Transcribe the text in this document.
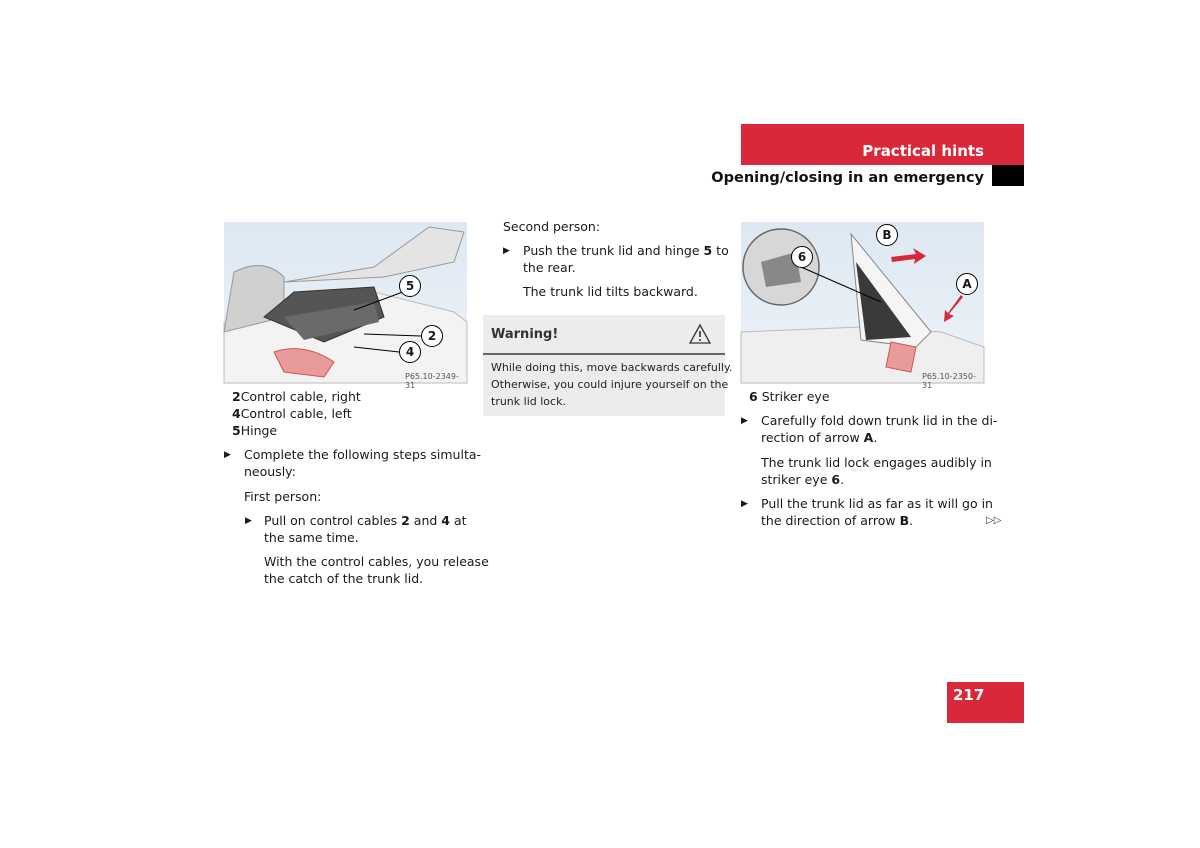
Practical hints
Opening/closing in an emergency
5
2
4
P65.10-2349-31
2Control cable, right
4Control cable, left
5Hinge
▶ Complete the following steps simulta-
neously:
First person:
▶ Pull on control cables 2 and 4 at
the same time.
With the control cables, you release
the catch of the trunk lid.
Second person:
▶ Push the trunk lid and hinge 5 to
the rear.
The trunk lid tilts backward.
Warning!
While doing this, move backwards carefully.
Otherwise, you could injure yourself on the
trunk lid lock.
B
6
A
P65.10-2350-31
6 Striker eye
▶ Carefully fold down trunk lid in the di-
rection of arrow A.
The trunk lid lock engages audibly in
striker eye 6.
▶ Pull the trunk lid as far as it will go in
the direction of arrow B.	▷▷
217
